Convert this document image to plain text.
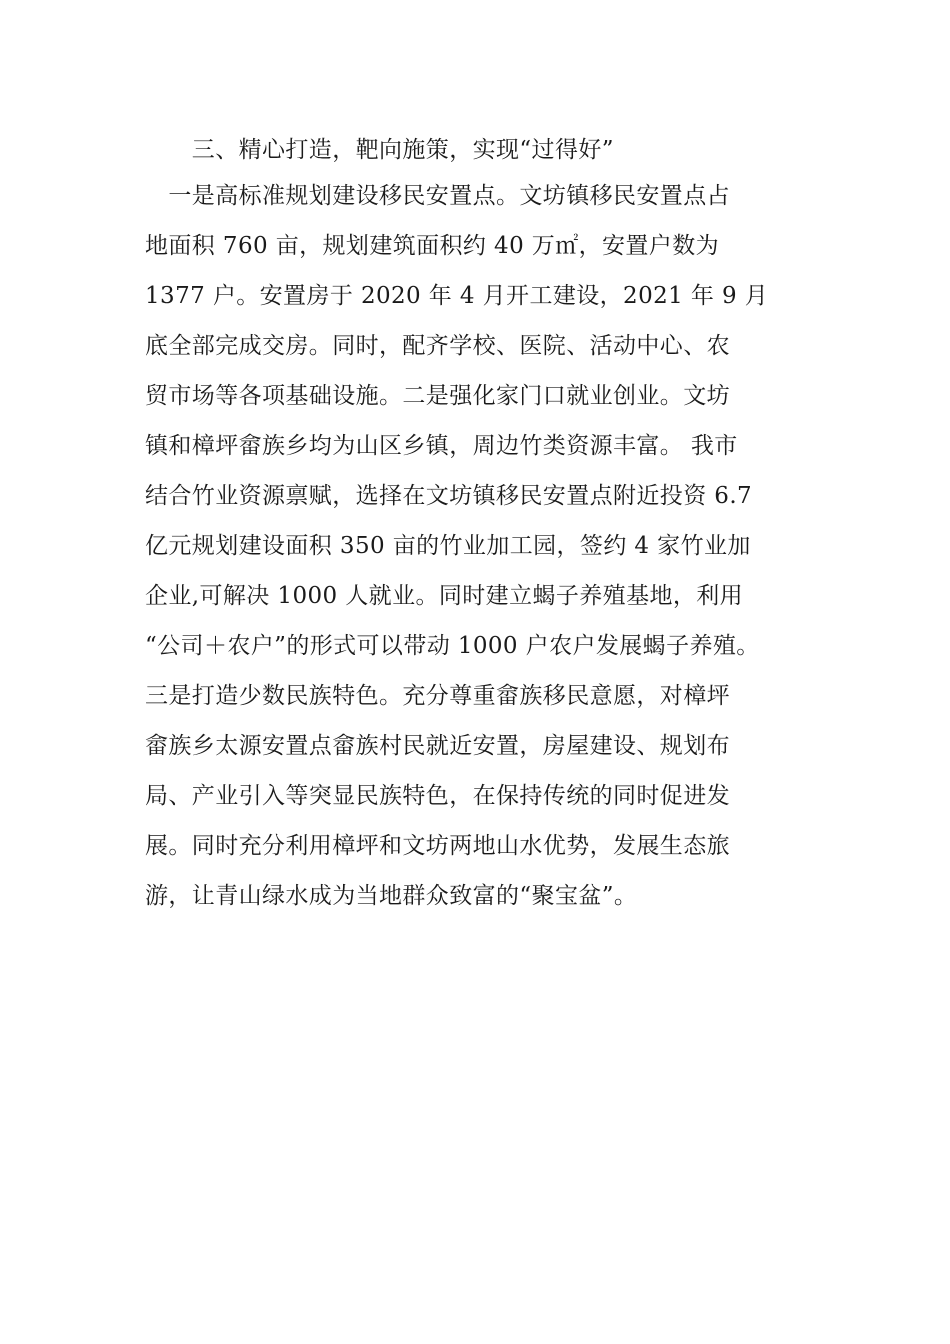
　　三、精心打造，靶向施策，实现“过得好”
　一是高标准规划建设移民安置点。文坊镇移民安置点占
地面积 760 亩，规划建筑面积约 40 万㎡，安置户数为
1377 户。安置房于 2020 年 4 月开工建设，2021 年 9 月
底全部完成交房。同时，配齐学校、医院、活动中心、农
贸市场等各项基础设施。二是强化家门口就业创业。文坊
镇和樟坪畲族乡均为山区乡镇，周边竹类资源丰富。 我市
结合竹业资源禀赋，选择在文坊镇移民安置点附近投资 6.7
亿元规划建设面积 350 亩的竹业加工园，签约 4 家竹业加
企业,可解决 1000 人就业。同时建立蝎子养殖基地，利用
“公司＋农户”的形式可以带动 1000 户农户发展蝎子养殖。
三是打造少数民族特色。充分尊重畲族移民意愿，对樟坪
畲族乡太源安置点畲族村民就近安置，房屋建设、规划布
局、产业引入等突显民族特色，在保持传统的同时促进发
展。同时充分利用樟坪和文坊两地山水优势，发展生态旅
游，让青山绿水成为当地群众致富的“聚宝盆”。
